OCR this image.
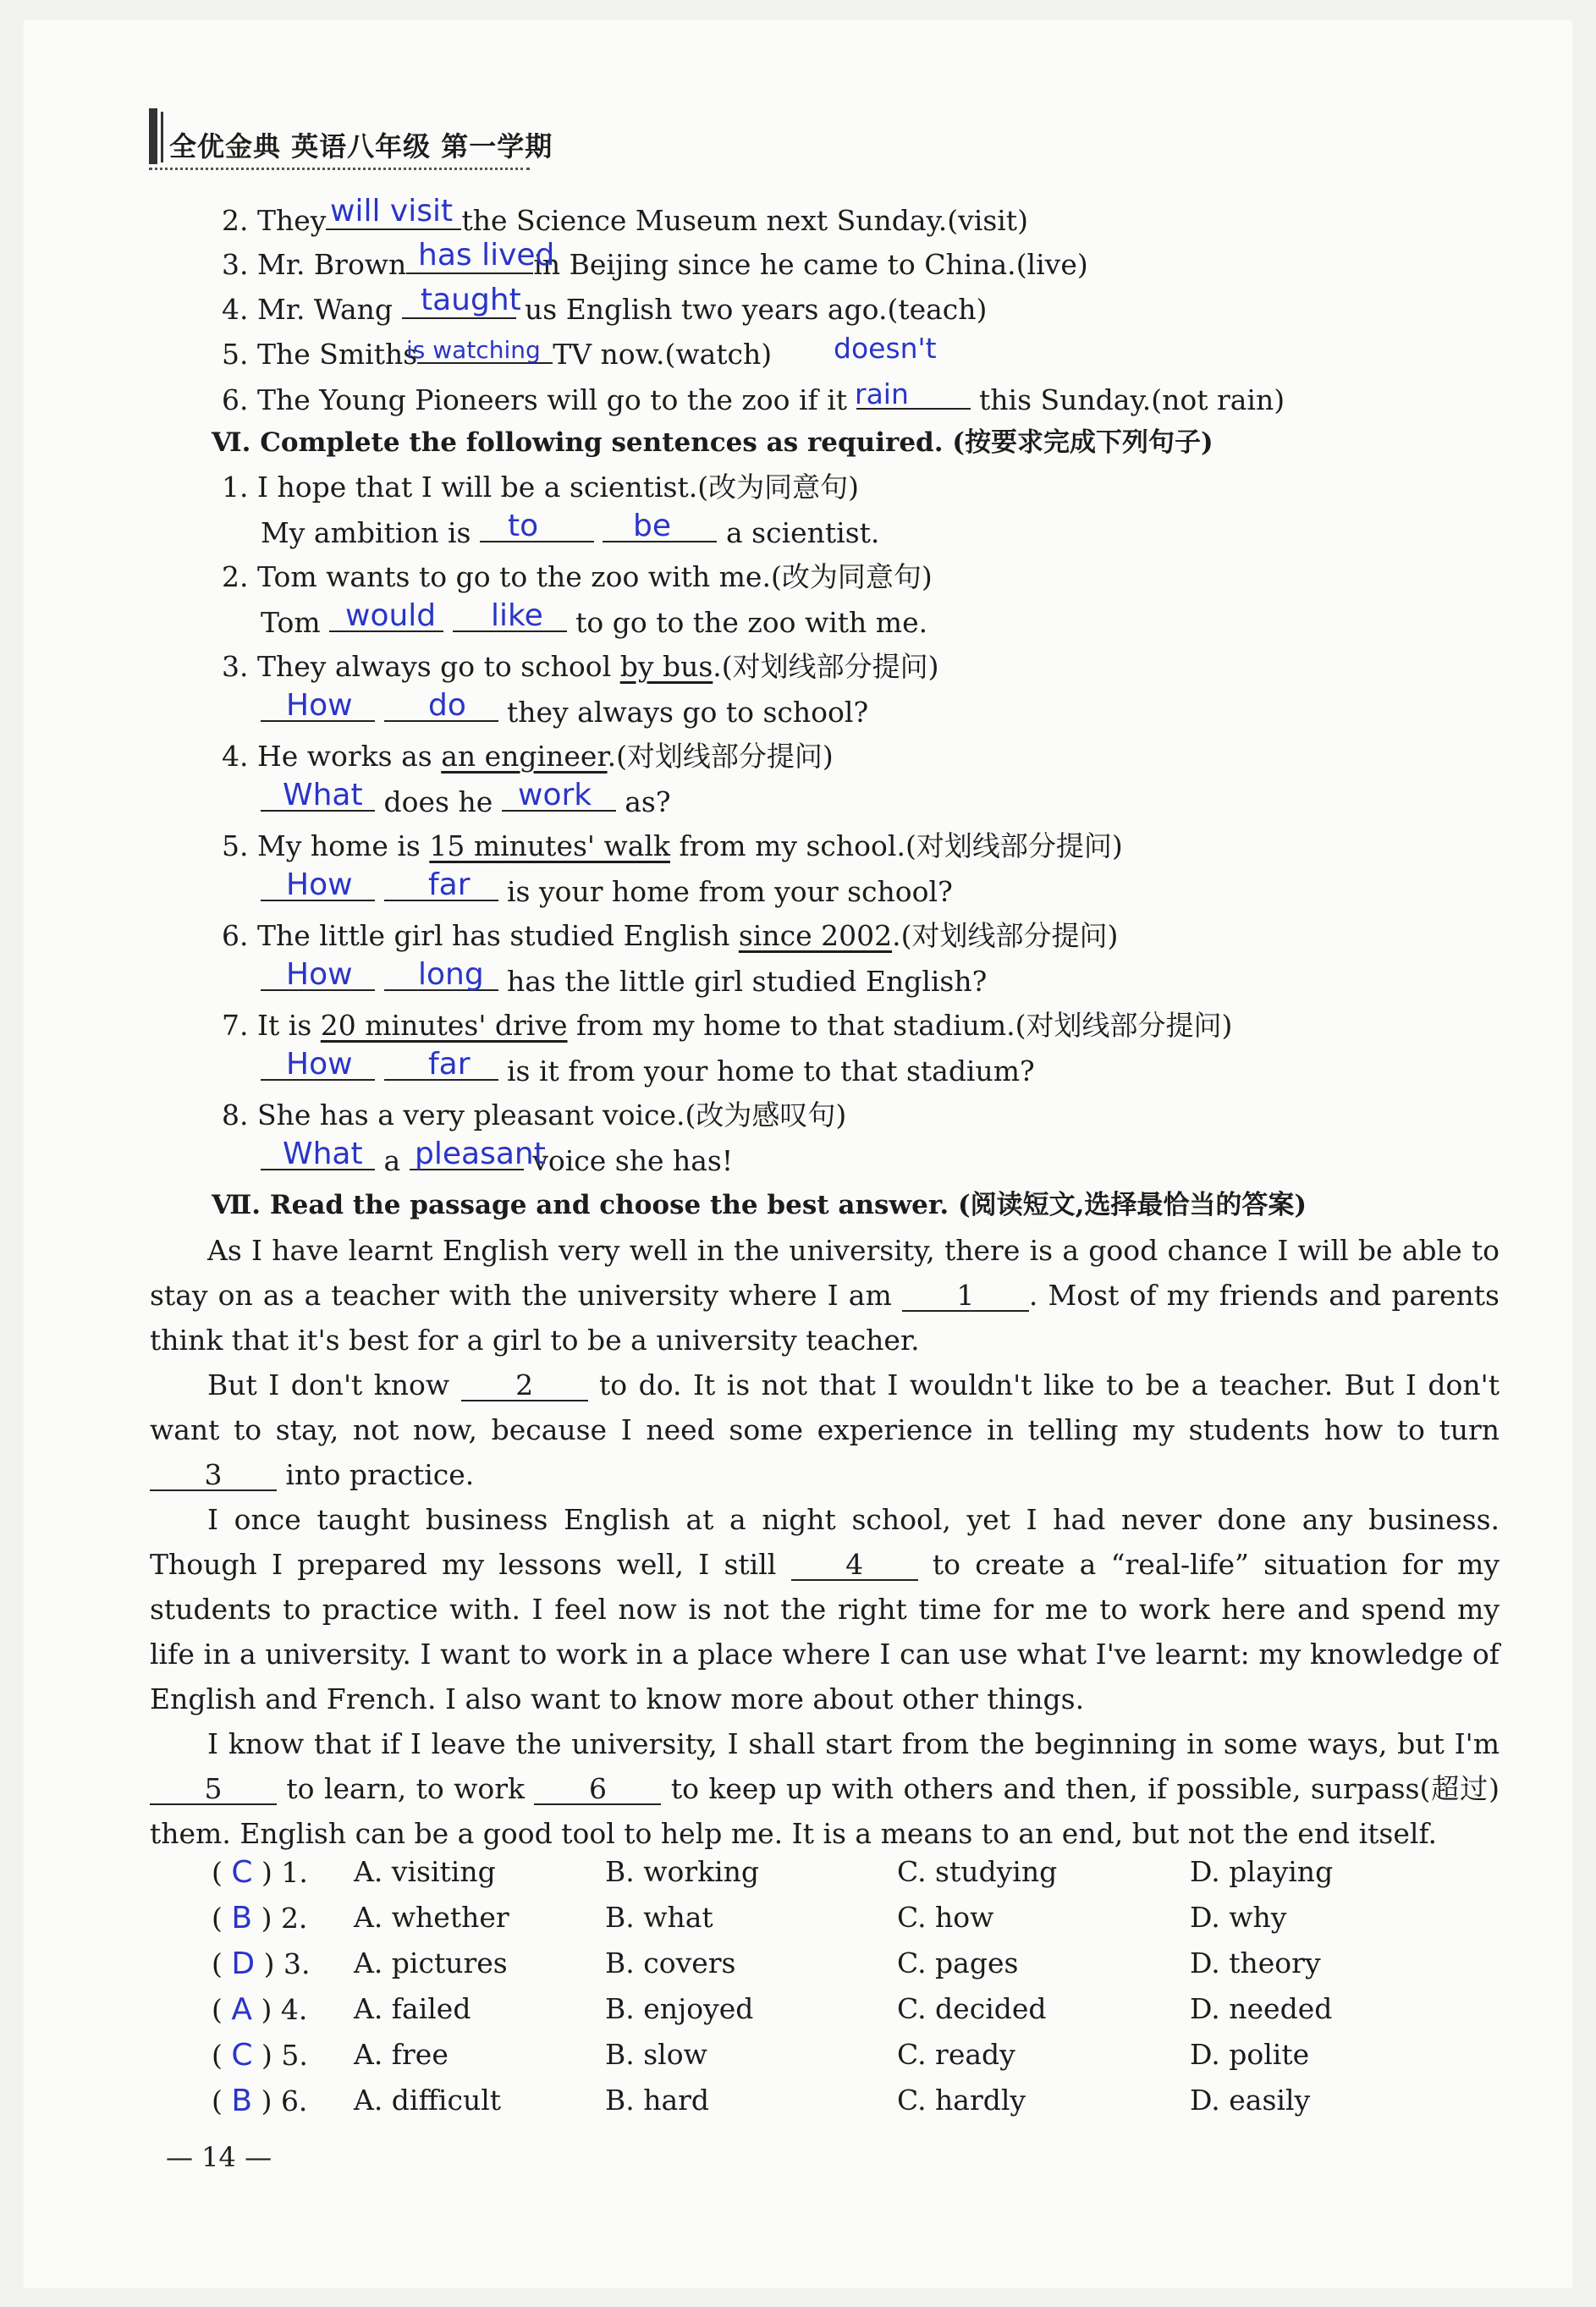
全优金典 英语八年级 第一学期
2. They	the Science Museum next Sunday.(visit)
will visit
3. Mr. Brown	in Beijing since he came to China.(live)
has lived
4. Mr. Wang	us English two years ago.(teach)
taught
5. The Smiths	TV now.(watch)
is watching	doesn't
6. The Young Pioneers will go to the zoo if it	this Sunday.(not rain)
rain
Ⅵ. Complete the following sentences as required. (按要求完成下列句子)
1. I hope that I will be a scientist.(改为同意句)
My ambition is	a scientist.
to	be
2. Tom wants to go to the zoo with me.(改为同意句)
Tom	to go to the zoo with me.
would like
3. They always go to school by bus.(对划线部分提问)
they always go to school?
How do
4. He works as an engineer.(对划线部分提问)
does he	as?
What	work
5. My home is 15 minutes' walk from my school.(对划线部分提问)
is your home from your school?
How far
6. The little girl has studied English since 2002.(对划线部分提问)
has the little girl studied English?
How long
7. It is 20 minutes' drive from my home to that stadium.(对划线部分提问)
is it from your home to that stadium?
How far
8. She has a very pleasant voice.(改为感叹句)
a	voice she has!
What pleasant
Ⅶ. Read the passage and choose the best answer. (阅读短文,选择最恰当的答案)
As I have learnt English very well in the university, there is a good chance I will be able to stay on as a teacher with the university where I am 1 . Most of my friends and parents think that it's best for a girl to be a university teacher.
But I don't know 2 to do. It is not that I wouldn't like to be a teacher. But I don't want to stay, not now, because I need some experience in telling my students how to turn 3 into practice.
I once taught business English at a night school, yet I had never done any business. Though I prepared my lessons well, I still 4 to create a “real-life” situation for my students to practice with. I feel now is not the right time for me to work here and spend my life in a university. I want to work in a place where I can use what I've learnt: my knowledge of English and French. I also want to know more about other things.
I know that if I leave the university, I shall start from the beginning in some ways, but I'm 5 to learn, to work 6 to keep up with others and then, if possible, surpass(超过) them. English can be a good tool to help me. It is a means to an end, but not the end itself.
( C ) 1. A. visiting	B. working	C. studying	D. playing
( B ) 2. A. whether	B. what	C. how	D. why
( D ) 3. A. pictures	B. covers	C. pages	D. theory
( A ) 4. A. failed	B. enjoyed	C. decided	D. needed
( C ) 5. A. free	B. slow	C. ready	D. polite
( B ) 6. A. difficult	B. hard	C. hardly	D. easily
— 14 —
